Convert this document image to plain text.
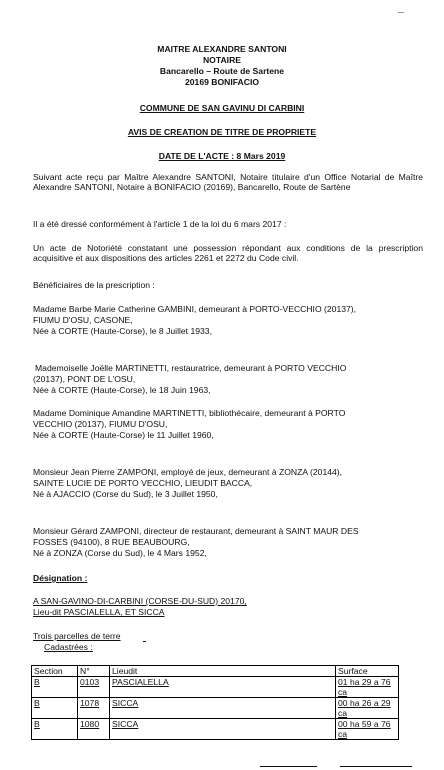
MAITRE ALEXANDRE SANTONI
NOTAIRE
Bancarello – Route de Sartene
20169 BONIFACIO
COMMUNE DE SAN GAVINU DI CARBINI
AVIS DE CREATION DE TITRE DE PROPRIETE
DATE DE L'ACTE : 8 Mars 2019
Suivant acte reçu par Maître Alexandre SANTONI, Notaire titulaire d'un Office Notarial de Maître Alexandre SANTONI, Notaire à BONIFACIO (20169), Bancarello, Route de Sartène
Il a été dressé conformément à l'article 1 de la loi du 6 mars 2017 :
Un acte de Notoriété constatant une possession répondant aux conditions de la prescription acquisitive et aux dispositions des articles 2261 et 2272 du Code civil.
Bénéficiaires de la prescription :
Madame Barbe Marie Catherine GAMBINI, demeurant à PORTO-VECCHIO (20137),
FIUMU D'OSU, CASONE,
Née à CORTE (Haute-Corse), le 8 Juillet 1933,
Mademoiselle Joëlle MARTINETTI, restauratrice, demeurant à PORTO VECCHIO
(20137), PONT DE L'OSU,
Née à CORTE (Haute-Corse), le 18 Juin 1963,
Madame Dominique Amandine MARTINETTI, bibliothécaire, demeurant à PORTO
VECCHIO (20137), FIUMU D'OSU,
Née à CORTE (Haute-Corse) le 11 Juillet 1960,
Monsieur Jean Pierre ZAMPONI, employé de jeux, demeurant à ZONZA (20144),
SAINTE LUCIE DE PORTO VECCHIO, LIEUDIT BACCA,
Né à AJACCIO (Corse du Sud), le 3 Juillet 1950,
Monsieur Gérard ZAMPONI, directeur de restaurant, demeurant à SAINT MAUR DES
FOSSES (94100), 8 RUE BEAUBOURG,
Né à ZONZA (Corse du Sud), le 4 Mars 1952,
Désignation :
A SAN-GAVINO-DI-CARBINI (CORSE-DU-SUD) 20170,
Lieu-dit PASCIALELLA, ET SICCA
Trois parcelles de terre
Cadastrées :
Section	N°	Lieudit	Surface
B	0103	PASCIALELLA	01 ha 29 a 76
ca
B	1078	SICCA	00 ha 26 a 29
ca
B	1080	SICCA	00 ha 59 a 76
ca
